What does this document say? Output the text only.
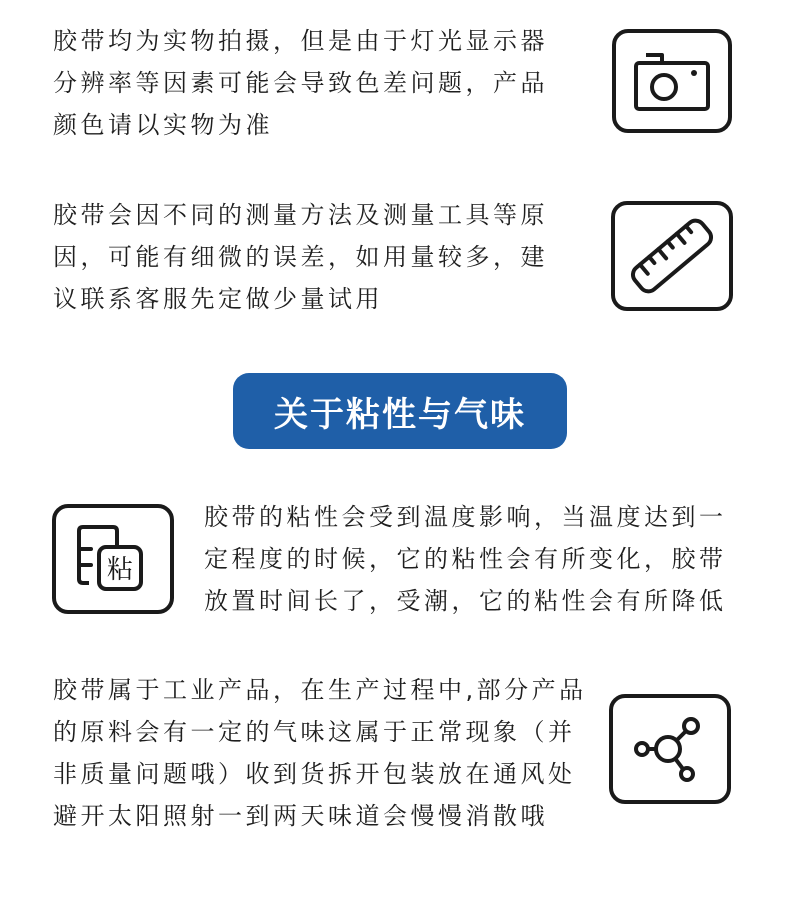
胶带均为实物拍摄，但是由于灯光显示器
分辨率等因素可能会导致色差问题，产品
颜色请以实物为准
胶带会因不同的测量方法及测量工具等原
因，可能有细微的误差，如用量较多，建
议联系客服先定做少量试用
关于粘性与气味
粘
胶带的粘性会受到温度影响，当温度达到一
定程度的时候，它的粘性会有所变化，胶带
放置时间长了，受潮，它的粘性会有所降低
胶带属于工业产品，在生产过程中,部分产品
的原料会有一定的气味这属于正常现象（并
非质量问题哦）收到货拆开包装放在通风处
避开太阳照射一到两天味道会慢慢消散哦
